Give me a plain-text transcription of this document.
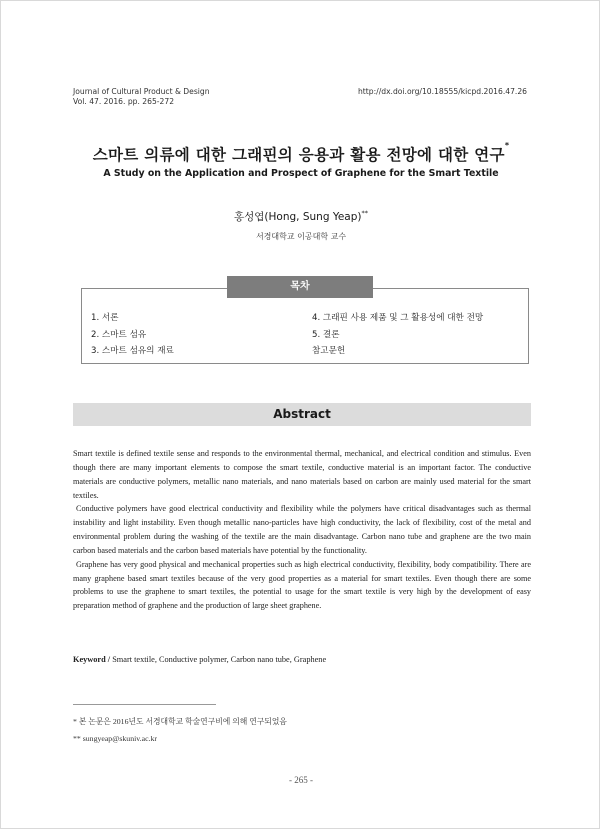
Journal of Cultural Product & Design
Vol. 47. 2016. pp. 265-272
http://dx.doi.org/10.18555/kicpd.2016.47.26
스마트 의류에 대한 그래핀의 응용과 활용 전망에 대한 연구*
A Study on the Application and Prospect of Graphene for the Smart Textile
홍성엽(Hong, Sung Yeap)**
서경대학교 이공대학 교수
목차
1. 서론
2. 스마트 섬유
3. 스마트 섬유의 재료
4. 그래핀 사용 제품 및 그 활용성에 대한 전망
5. 결론
참고문헌
Abstract

Smart textile is defined textile sense and responds to the environmental thermal, mechanical, and electrical condition and stimulus. Even though there are many important elements to compose the smart textile, conductive material is an important factor. The conductive materials are conductive polymers, metallic nano materials, and nano materials based on carbon are mainly used material for the smart textiles.

Conductive polymers have good electrical conductivity and flexibility while the polymers have critical disadvantages such as thermal instability and light instability. Even though metallic nano-particles have high conductivity, the lack of flexibility, cost of the metal and environmental problem during the washing of the textile are the main disadvantage. Carbon nano tube and graphene are the two main carbon based materials and the carbon based materials have potential by the functionality.

Graphene has very good physical and mechanical properties such as high electrical conductivity, flexibility, body compatibility. There are many graphene based smart textiles because of the very good properties as a material for smart textiles. Even though there are some problems to use the graphene to smart textiles, the potential to usage for the smart textile is very high by the development of easy preparation method of graphene and the production of large sheet graphene.

Keyword / Smart textile, Conductive polymer, Carbon nano tube, Graphene
* 본 논문은 2016년도 서경대학교 학술연구비에 의해 연구되었음
** sungyeap@skuniv.ac.kr
- 265 -
